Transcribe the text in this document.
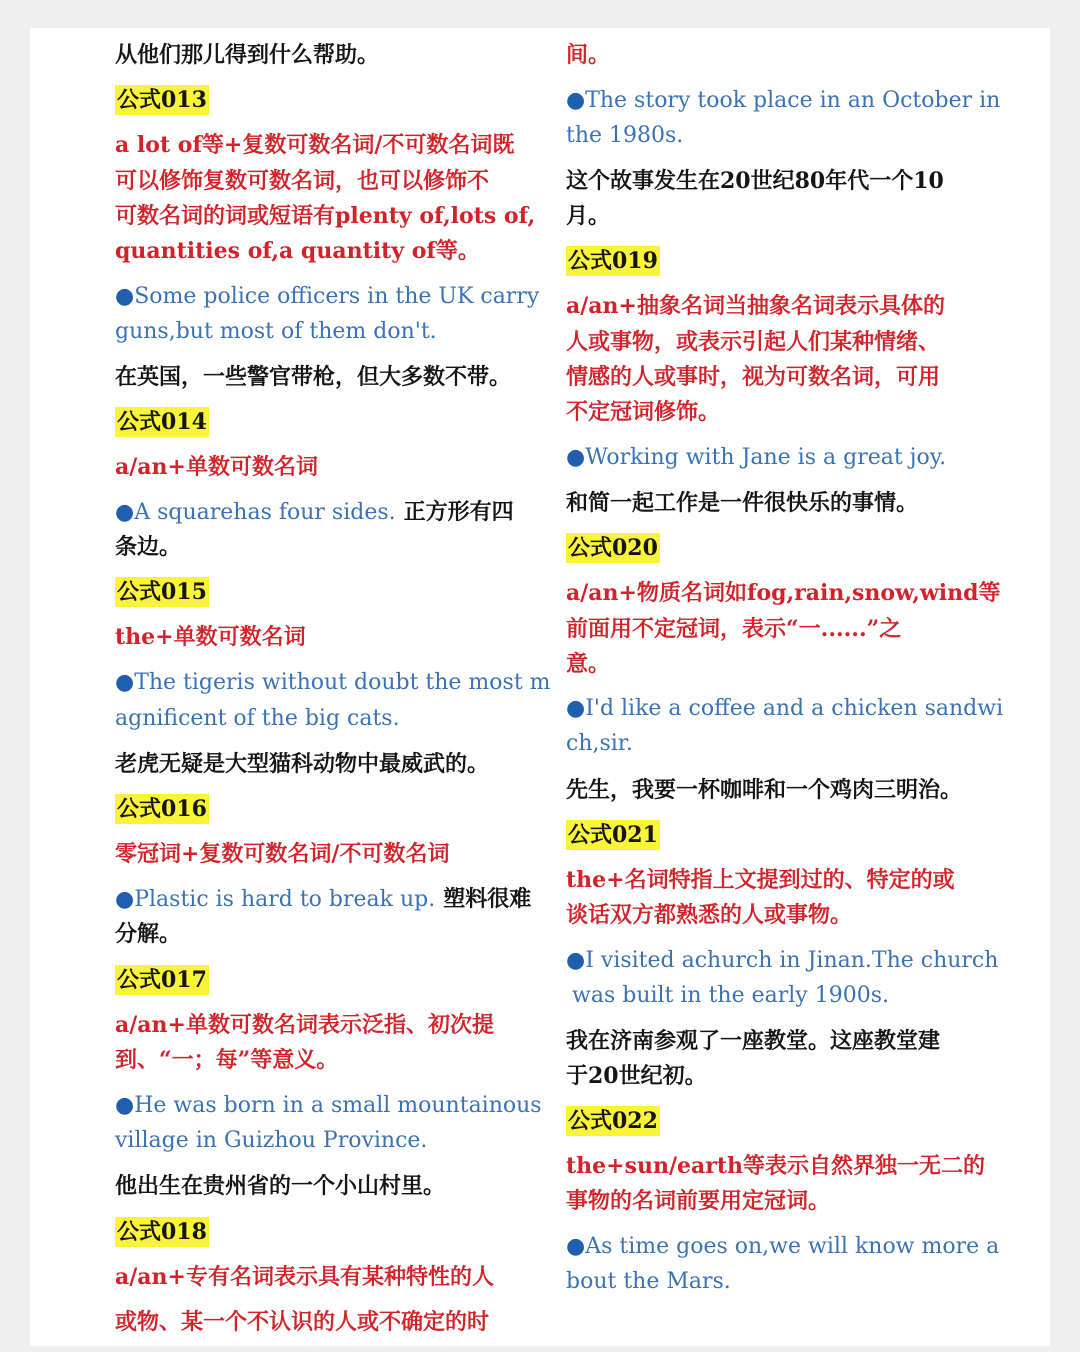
从他们那儿得到什么帮助。
公式013
a lot of等+复数可数名词/不可数名词既
可以修饰复数可数名词，也可以修饰不
可数名词的词或短语有plenty of,lots of,
quantities of,a quantity of等。
●Some police officers in the UK carry
guns,but most of them don't.
在英国，一些警官带枪，但大多数不带。
公式014
a/an+单数可数名词
●A squarehas four sides. 正方形有四
条边。
公式015
the+单数可数名词
●The tigeris without doubt the most m
agnificent of the big cats.
老虎无疑是大型猫科动物中最威武的。
公式016
零冠词+复数可数名词/不可数名词
●Plastic is hard to break up. 塑料很难
分解。
公式017
a/an+单数可数名词表示泛指、初次提
到、“一；每”等意义。
●He was born in a small mountainous
village in Guizhou Province.
他出生在贵州省的一个小山村里。
公式018
a/an+专有名词表示具有某种特性的人
或物、某一个不认识的人或不确定的时
间。
●The story took place in an October in
the 1980s.
这个故事发生在20世纪80年代一个10
月。
公式019
a/an+抽象名词当抽象名词表示具体的
人或事物，或表示引起人们某种情绪、
情感的人或事时，视为可数名词，可用
不定冠词修饰。
●Working with Jane is a great joy.
和简一起工作是一件很快乐的事情。
公式020
a/an+物质名词如fog,rain,snow,wind等
前面用不定冠词，表示“一......”之
意。
●I'd like a coffee and a chicken sandwi
ch,sir.
先生，我要一杯咖啡和一个鸡肉三明治。
公式021
the+名词特指上文提到过的、特定的或
谈话双方都熟悉的人或事物。
●I visited achurch in Jinan.The church
was built in the early 1900s.
我在济南参观了一座教堂。这座教堂建
于20世纪初。
公式022
the+sun/earth等表示自然界独一无二的
事物的名词前要用定冠词。
●As time goes on,we will know more a
bout the Mars.
